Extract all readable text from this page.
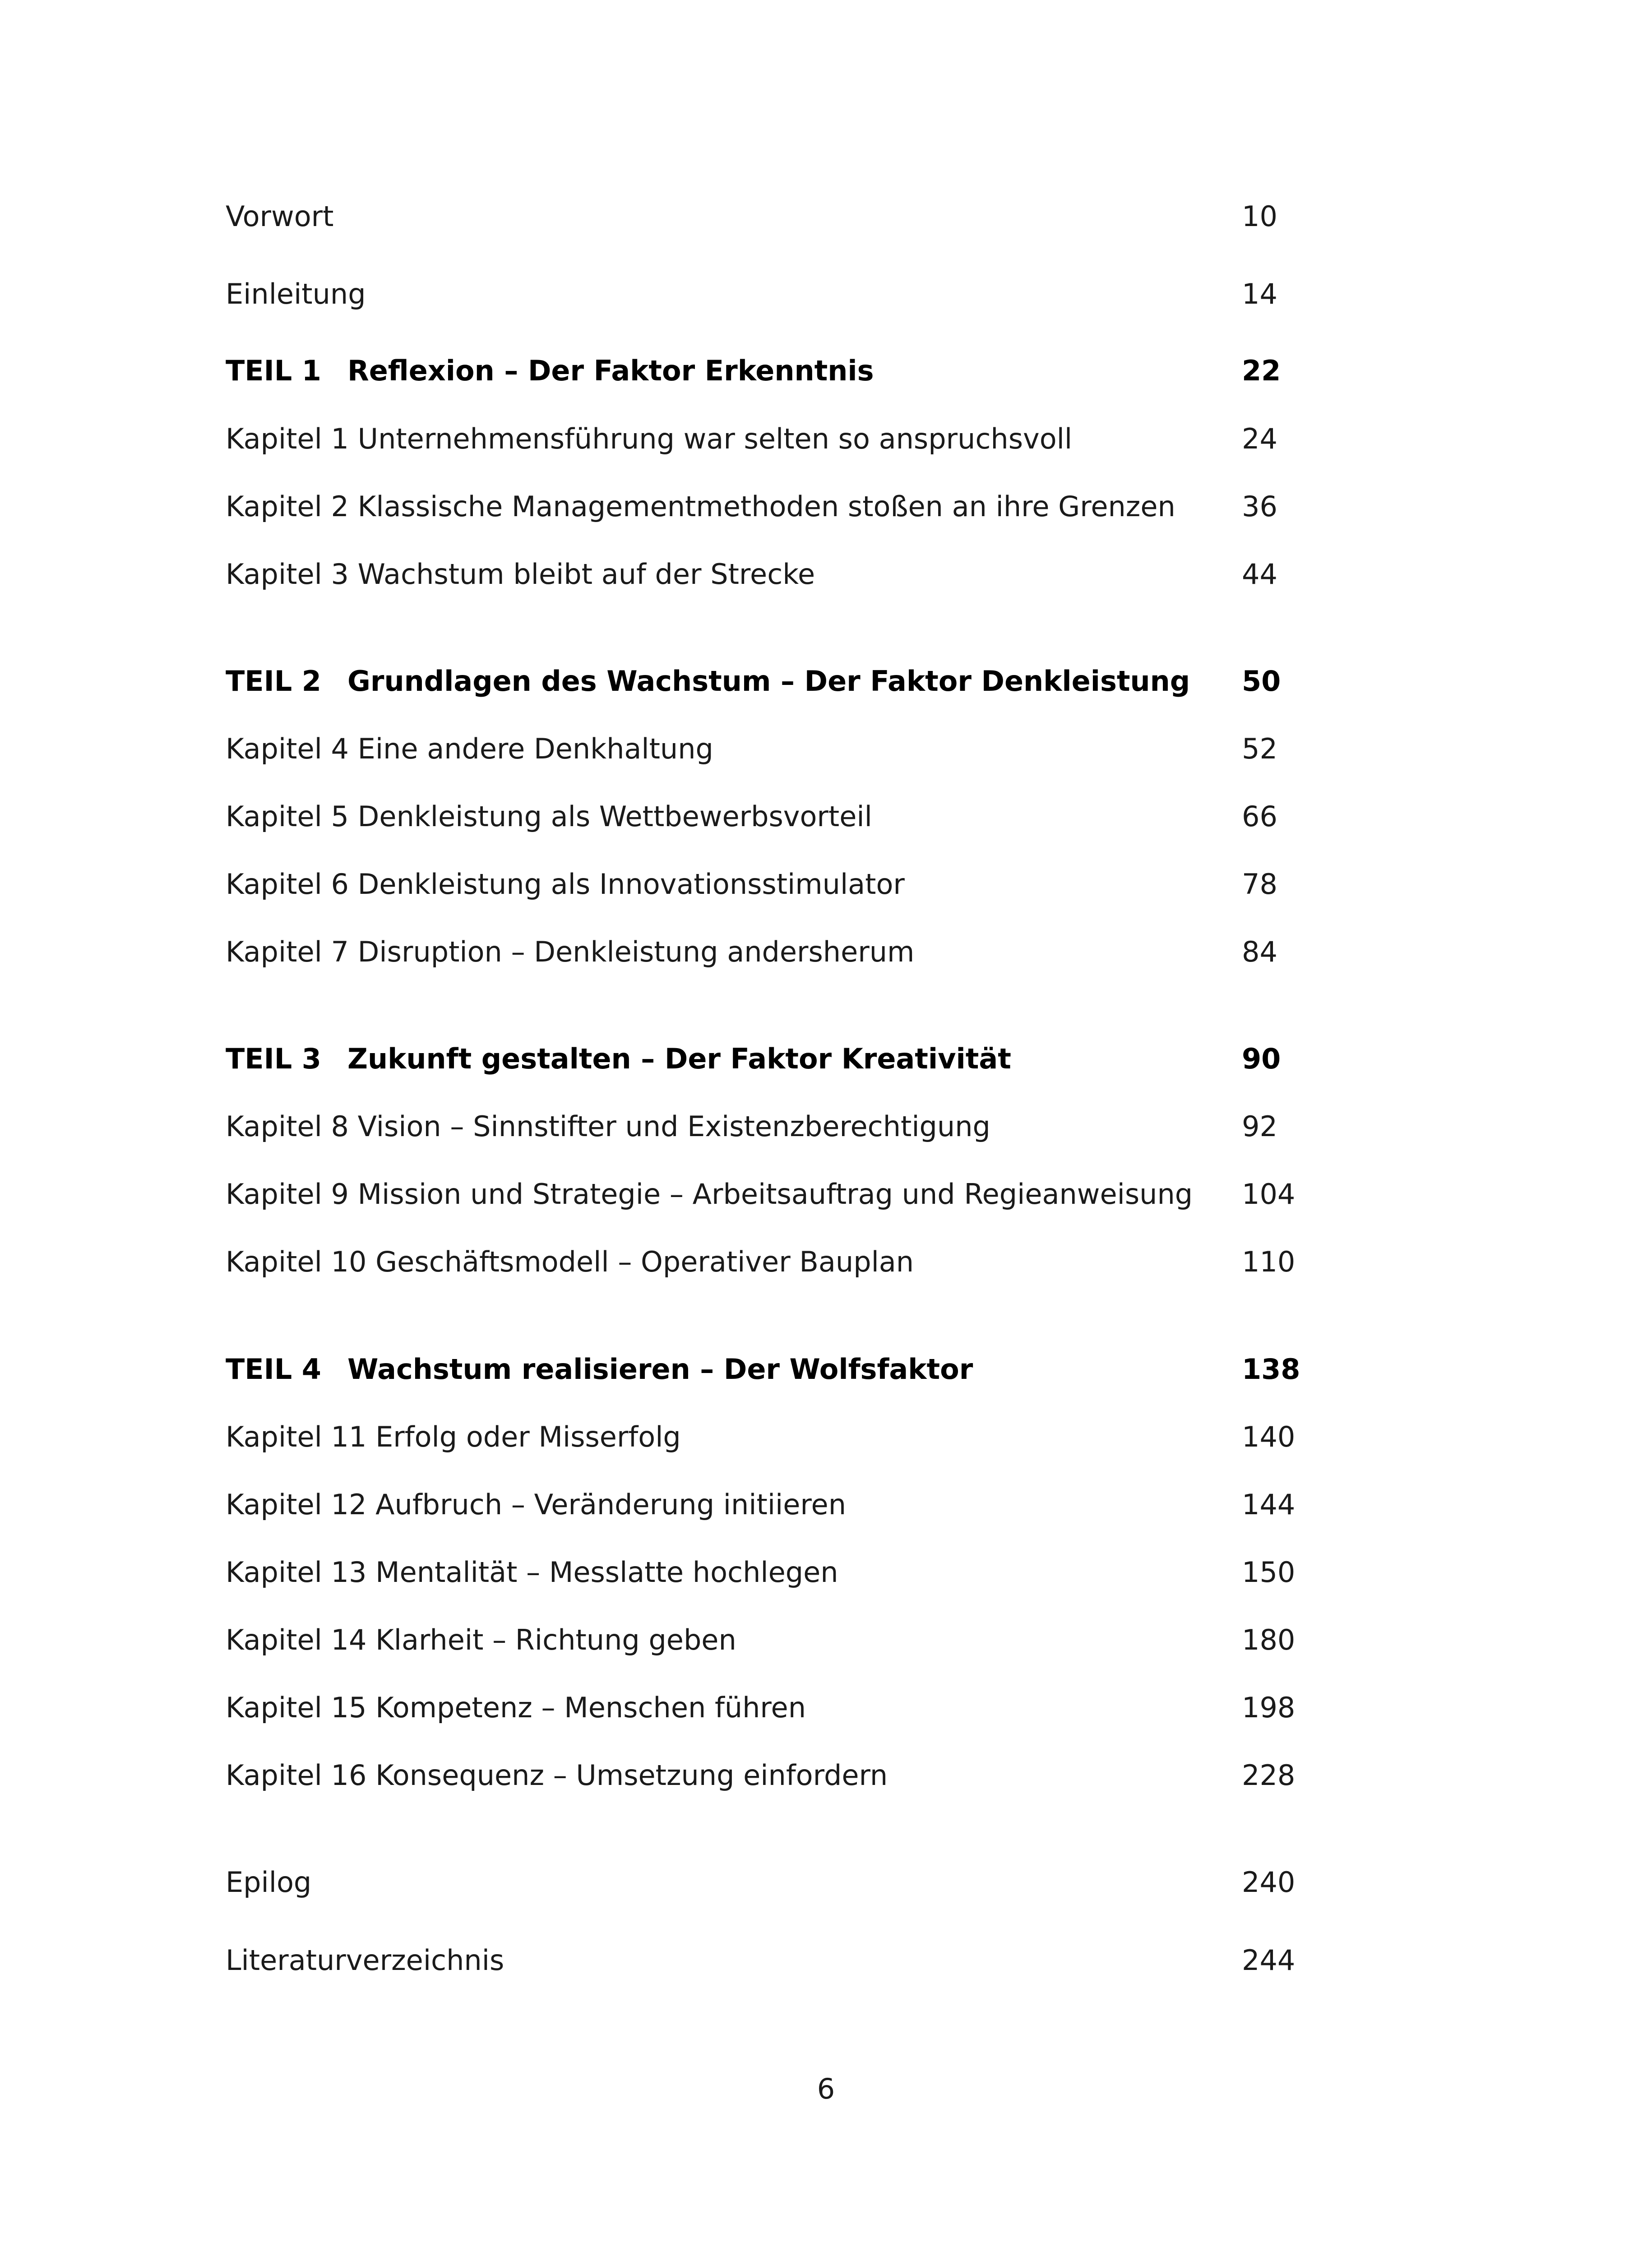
Vorwort	10
Einleitung	14
TEIL 1 Reflexion – Der Faktor Erkenntnis	22
Kapitel 1 Unternehmensführung war selten so anspruchsvoll	24
Kapitel 2 Klassische Managementmethoden stoßen an ihre Grenzen 36
Kapitel 3 Wachstum bleibt auf der Strecke	44
TEIL 2 Grundlagen des Wachstum – Der Faktor Denkleistung 50
Kapitel 4 Eine andere Denkhaltung	52
Kapitel 5 Denkleistung als Wettbewerbsvorteil	66
Kapitel 6 Denkleistung als Innovationsstimulator	78
Kapitel 7 Disruption – Denkleistung andersherum	84
TEIL 3 Zukunft gestalten – Der Faktor Kreativität	90
Kapitel 8 Vision – Sinnstifter und Existenzberechtigung	92
Kapitel 9 Mission und Strategie – Arbeitsauftrag und Regieanweisung 104
Kapitel 10 Geschäftsmodell – Operativer Bauplan	110
TEIL 4 Wachstum realisieren – Der Wolfsfaktor	138
Kapitel 11 Erfolg oder Misserfolg	140
Kapitel 12 Aufbruch – Veränderung initiieren	144
Kapitel 13 Mentalität – Messlatte hochlegen	150
Kapitel 14 Klarheit – Richtung geben	180
Kapitel 15 Kompetenz – Menschen führen	198
Kapitel 16 Konsequenz – Umsetzung einfordern	228
Epilog	240
Literaturverzeichnis	244
6
